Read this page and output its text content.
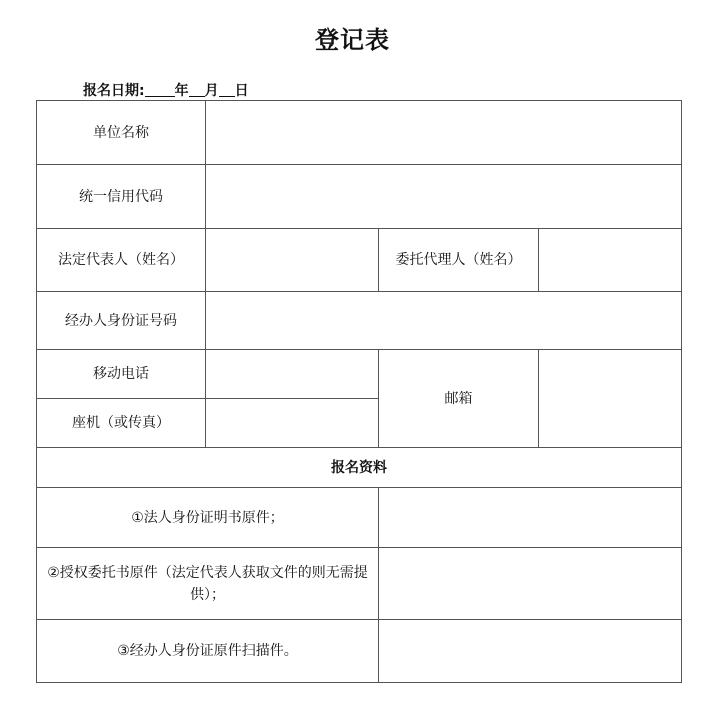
登记表
报名日期: 年 月 日
单位名称			
统一信用代码			
法定代表人（姓名）		委托代理人（姓名）	
经办人身份证号码			
移动电话		邮箱	
座机（或传真）			
报名资料			
①法人身份证明书原件；			
②授权委托书原件（法定代表人获取文件的则无需提供）；			
③经办人身份证原件扫描件。			
